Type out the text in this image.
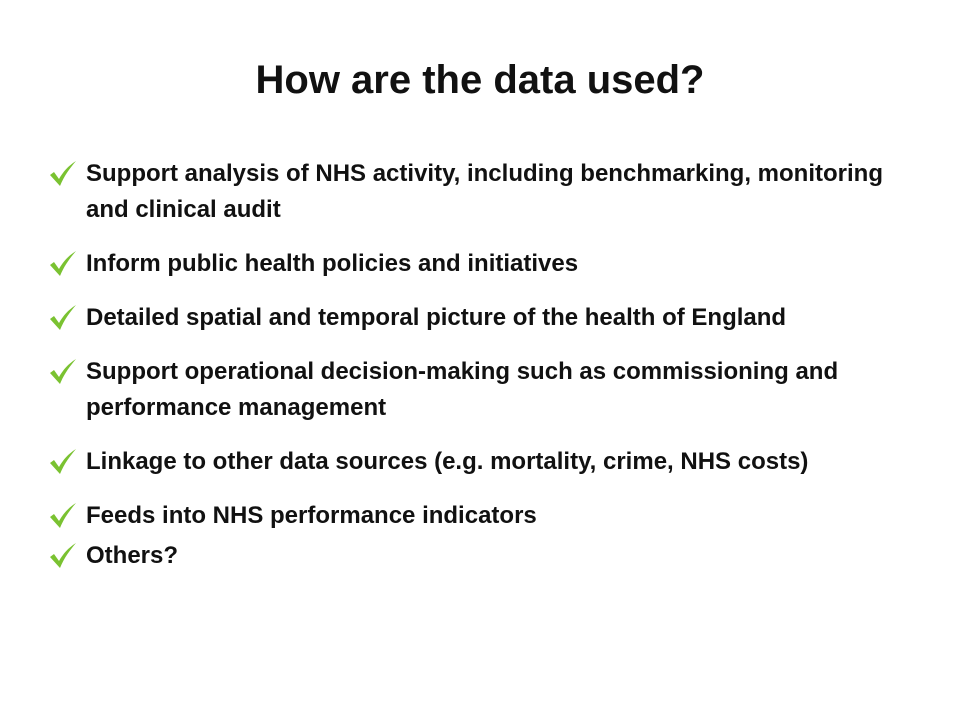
How are the data used?
Support analysis of NHS activity, including benchmarking, monitoring and clinical audit
Inform public health policies and initiatives
Detailed spatial and temporal picture of the health of England
Support operational decision-making such as commissioning and performance management
Linkage to other data sources (e.g. mortality, crime, NHS costs)
Feeds into NHS performance indicators
Others?
